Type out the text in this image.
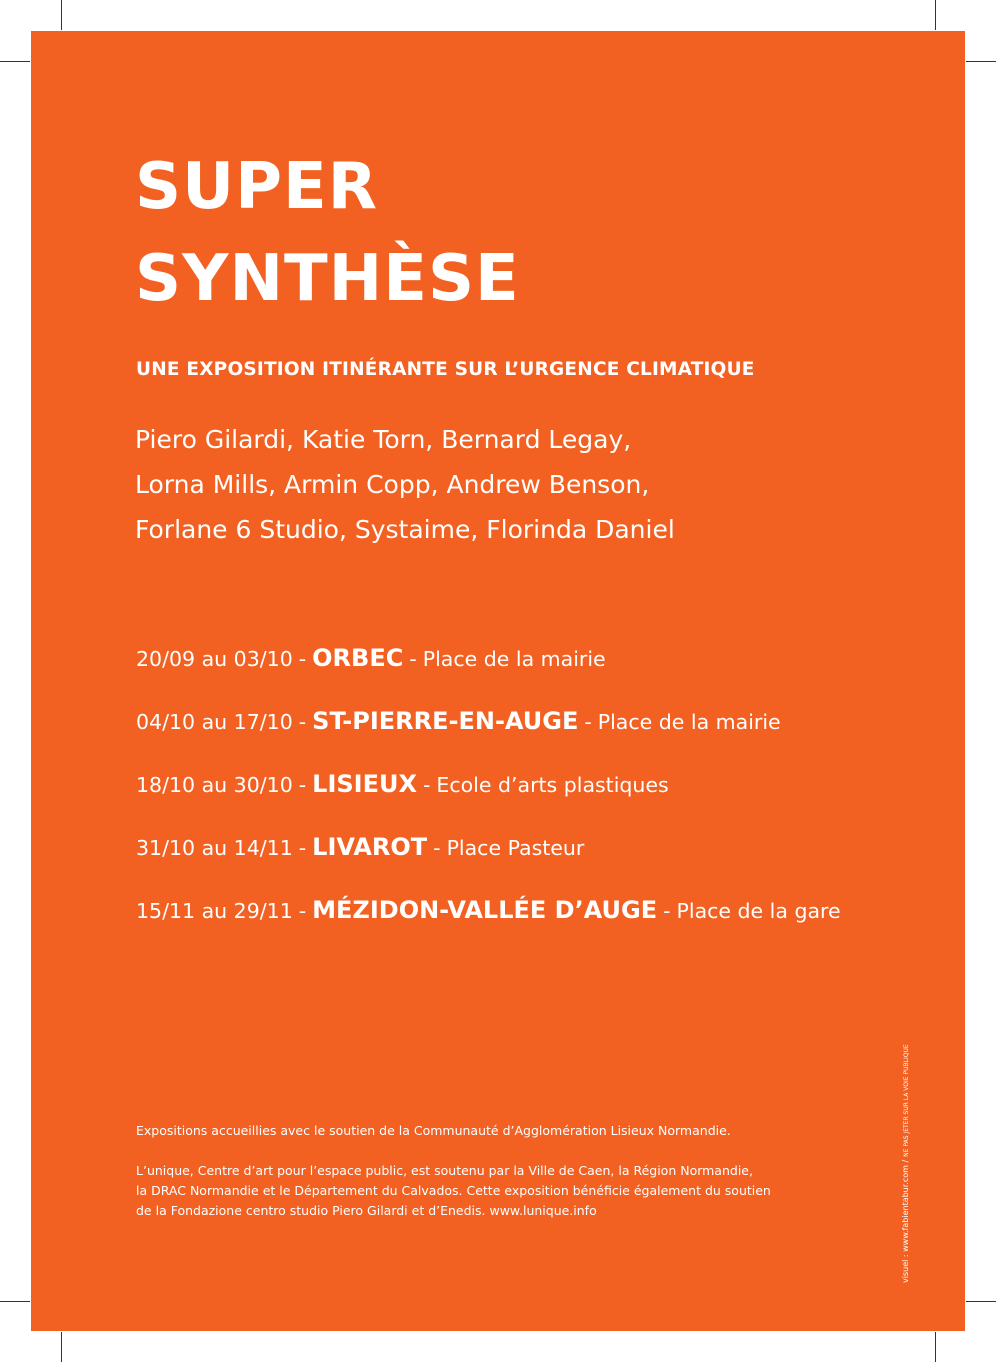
SUPER
SYNTHÈSE
UNE EXPOSITION ITINÉRANTE SUR L’URGENCE CLIMATIQUE
Piero Gilardi, Katie Torn, Bernard Legay,
Lorna Mills, Armin Copp, Andrew Benson,
Forlane 6 Studio, Systaime, Florinda Daniel
20/09 au 03/10 - ORBEC - Place de la mairie
04/10 au 17/10 - ST-PIERRE-EN-AUGE - Place de la mairie
18/10 au 30/10 - LISIEUX - Ecole d’arts plastiques
31/10 au 14/11 - LIVAROT - Place Pasteur
15/11 au 29/11 - MÉZIDON-VALLÉE D’AUGE - Place de la gare

Expositions accueillies avec le soutien de la Communauté d’Agglomération Lisieux Normandie.

L’unique, Centre d’art pour l’espace public, est soutenu par la Ville de Caen, la Région Normandie,

la DRAC Normandie et le Département du Calvados. Cette exposition bénéficie également du soutien

de la Fondazione centro studio Piero Gilardi et d’Enedis. www.lunique.info	visuel : www.fabientabur.com /NE PAS JETER SUR LA VOIE PUBLIQUE
